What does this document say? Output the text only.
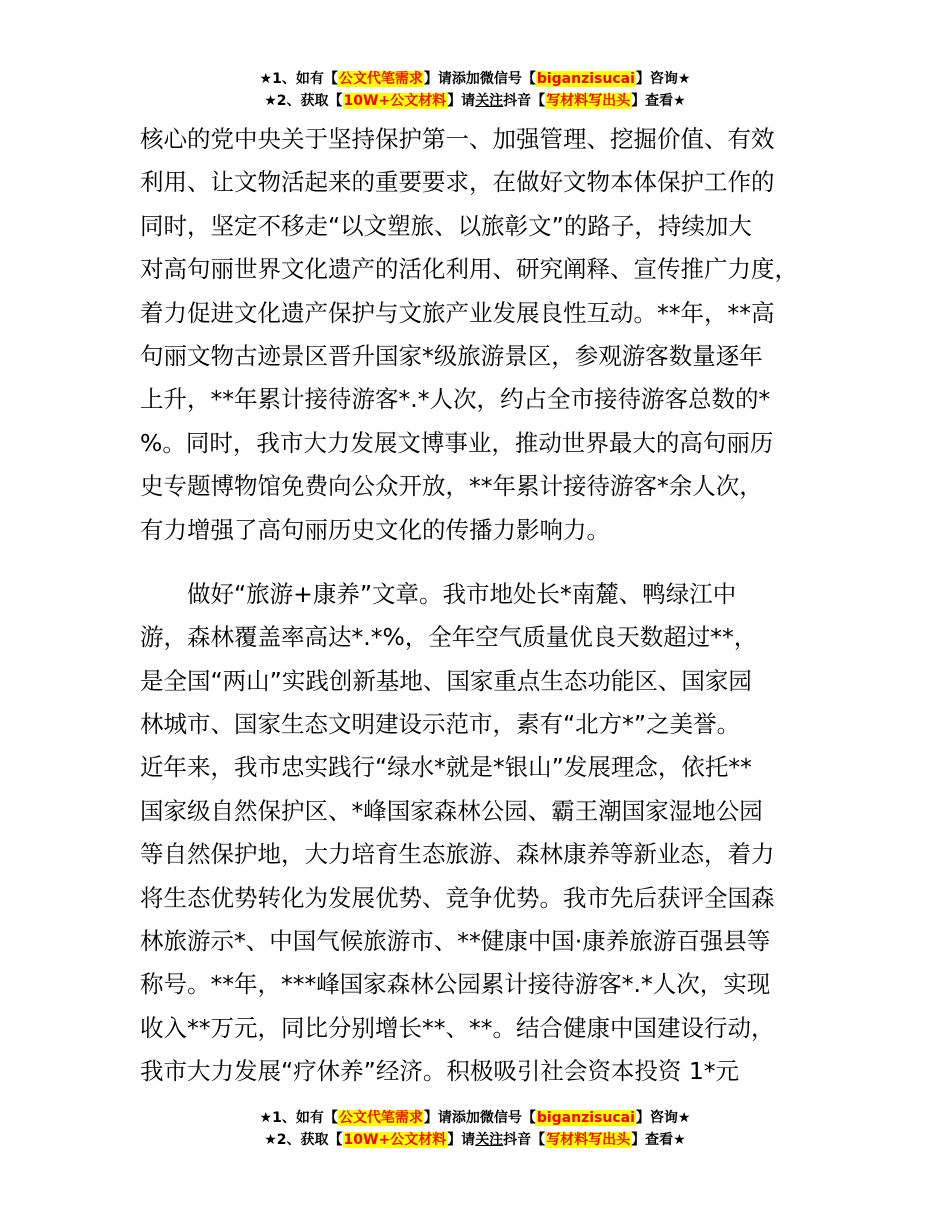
★1、如有【公文代笔需求】请添加微信号【biganzisucai】咨询★
★2、获取【10W+公文材料】请关注抖音【写材料写出头】查看★
核心的党中央关于坚持保护第一、加强管理、挖掘价值、有效
利用、让文物活起来的重要要求，在做好文物本体保护工作的
同时，坚定不移走“以文塑旅、以旅彰文”的路子，持续加大
对高句丽世界文化遗产的活化利用、研究阐释、宣传推广力度，
着力促进文化遗产保护与文旅产业发展良性互动。**年，**高
句丽文物古迹景区晋升国家*级旅游景区，参观游客数量逐年
上升，**年累计接待游客*.*人次，约占全市接待游客总数的*
%。同时，我市大力发展文博事业，推动世界最大的高句丽历
史专题博物馆免费向公众开放，**年累计接待游客*余人次，
有力增强了高句丽历史文化的传播力影响力。
做好“旅游+康养”文章。我市地处长*南麓、鸭绿江中
游，森林覆盖率高达*.*%，全年空气质量优良天数超过**，
是全国“两山”实践创新基地、国家重点生态功能区、国家园
林城市、国家生态文明建设示范市，素有“北方*”之美誉。
近年来，我市忠实践行“绿水*就是*银山”发展理念，依托**
国家级自然保护区、*峰国家森林公园、霸王潮国家湿地公园
等自然保护地，大力培育生态旅游、森林康养等新业态，着力
将生态优势转化为发展优势、竞争优势。我市先后获评全国森
林旅游示*、中国气候旅游市、**健康中国·康养旅游百强县等
称号。**年，***峰国家森林公园累计接待游客*.*人次，实现
收入**万元，同比分别增长**、**。结合健康中国建设行动，
我市大力发展“疗休养”经济。积极吸引社会资本投资 1*元
★1、如有【公文代笔需求】请添加微信号【biganzisucai】咨询★
★2、获取【10W+公文材料】请关注抖音【写材料写出头】查看★
